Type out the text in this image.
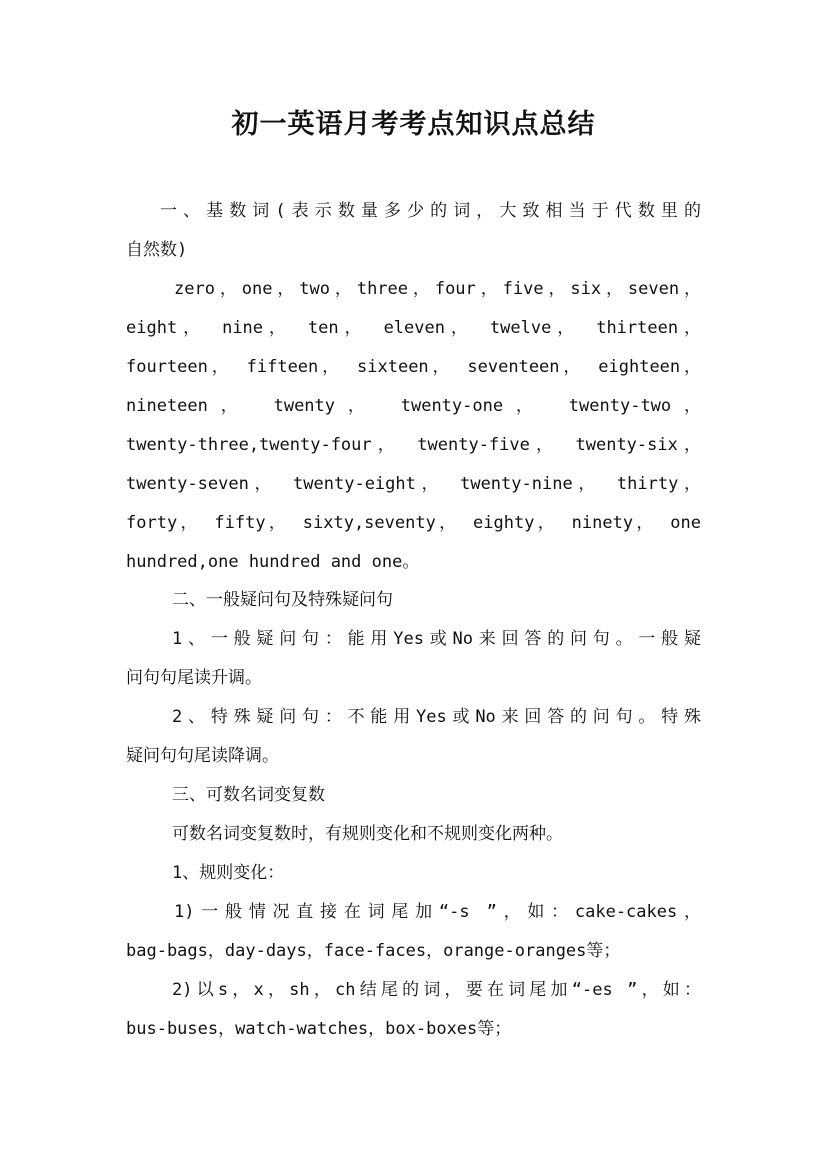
初一英语月考考点知识点总结
一、基数词(表示数量多少的词，大致相当于代数里的
自然数)
zero，one，two，three，four，five，six，seven，
eight， nine， ten， eleven， twelve， thirteen，
fourteen， fifteen， sixteen， seventeen， eighteen，
nineteen， twenty， twenty-one， twenty-two，
twenty-three,twenty-four， twenty-five， twenty-six，
twenty-seven， twenty-eight， twenty-nine， thirty，
forty， fifty， sixty,seventy， eighty， ninety， one
hundred,one hundred and one。
二、一般疑问句及特殊疑问句
1、一般疑问句：能用Yes或No来回答的问句。一般疑
问句句尾读升调。
2、特殊疑问句：不能用Yes或No来回答的问句。特殊
疑问句句尾读降调。
三、可数名词变复数
可数名词变复数时，有规则变化和不规则变化两种。
1、规则变化：
1)一般情况直接在词尾加“-s ”，如：cake-cakes，
bag-bags，day-days，face-faces，orange-oranges等；
2)以s，x，sh，ch结尾的词，要在词尾加“-es ”，如：
bus-buses，watch-watches，box-boxes等；
